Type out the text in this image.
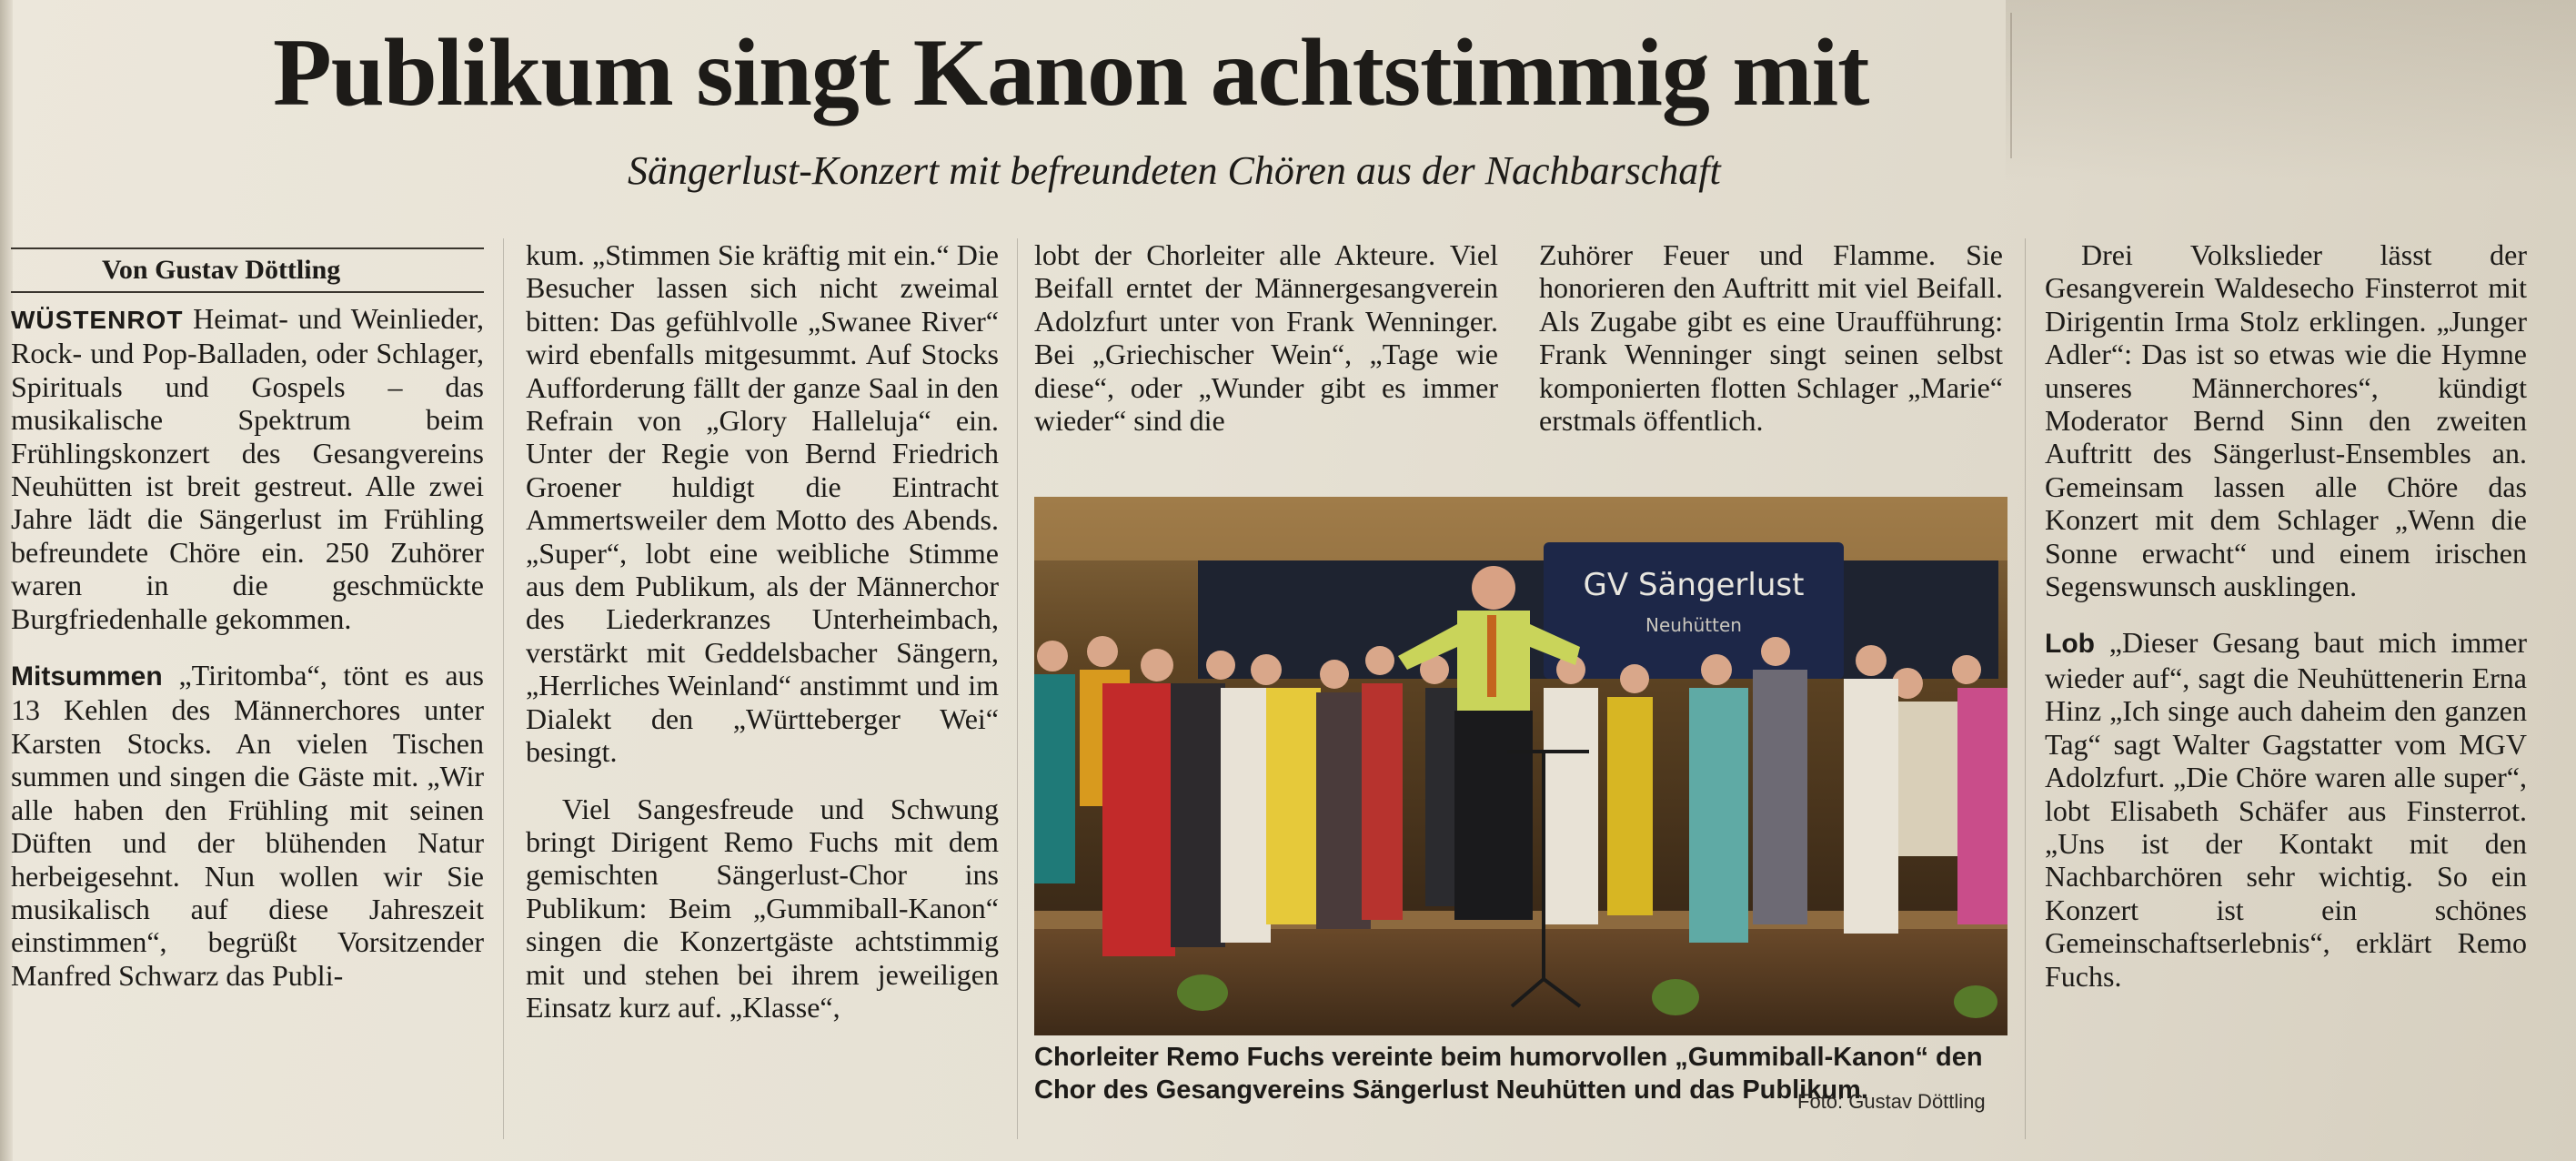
Publikum singt Kanon achtstimmig mit
Sängerlust-Konzert mit befreundeten Chören aus der Nachbarschaft
Von Gustav Döttling

WÜSTENROT Heimat- und Weinlieder, Rock- und Pop-Balladen, oder Schlager, Spirituals und Gospels – das musikalische Spektrum beim Frühlingskonzert des Gesangvereins Neuhütten ist breit gestreut. Alle zwei Jahre lädt die Sängerlust im Frühling befreundete Chöre ein. 250 Zuhörer waren in die geschmückte Burgfriedenhalle gekommen.

Mitsummen „Tiritomba“, tönt es aus 13 Kehlen des Männerchores unter Karsten Stocks. An vielen Tischen summen und singen die Gäste mit. „Wir alle haben den Frühling mit seinen Düften und der blühenden Natur herbeigesehnt. Nun wollen wir Sie musikalisch auf diese Jahreszeit einstimmen“, begrüßt Vorsitzender Manfred Schwarz das Publi-

kum. „Stimmen Sie kräftig mit ein.“ Die Besucher lassen sich nicht zweimal bitten: Das gefühlvolle „Swanee River“ wird ebenfalls mitgesummt. Auf Stocks Aufforderung fällt der ganze Saal in den Refrain von „Glory Halleluja“ ein. Unter der Regie von Bernd Friedrich Groener huldigt die Eintracht Ammertsweiler dem Motto des Abends. „Super“, lobt eine weibliche Stimme aus dem Publikum, als der Männerchor des Liederkranzes Unterheimbach, verstärkt mit Geddelsbacher Sängern, „Herrliches Weinland“ anstimmt und im Dialekt den „Württeberger Wei“ besingt.

Viel Sangesfreude und Schwung bringt Dirigent Remo Fuchs mit dem gemischten Sängerlust-Chor ins Publikum: Beim „Gummiball-Kanon“ singen die Konzertgäste achtstimmig mit und stehen bei ihrem jeweiligen Einsatz kurz auf. „Klasse“,

lobt der Chorleiter alle Akteure. Viel Beifall erntet der Männergesangverein Adolzfurt unter von Frank Wenninger. Bei „Griechischer Wein“, „Tage wie diese“, oder „Wunder gibt es immer wieder“ sind die

Zuhörer Feuer und Flamme. Sie honorieren den Auftritt mit viel Beifall. Als Zugabe gibt es eine Uraufführung: Frank Wenninger singt seinen selbst komponierten flotten Schlager „Marie“ erstmals öffentlich.

Drei Volkslieder lässt der Gesangverein Waldesecho Finsterrot mit Dirigentin Irma Stolz erklingen. „Junger Adler“: Das ist so etwas wie die Hymne unseres Männerchores“, kündigt Moderator Bernd Sinn den zweiten Auftritt des Sängerlust-Ensembles an. Gemeinsam lassen alle Chöre das Konzert mit dem Schlager „Wenn die Sonne erwacht“ und einem irischen Segenswunsch ausklingen.

Lob „Dieser Gesang baut mich immer wieder auf“, sagt die Neuhüttenerin Erna Hinz „Ich singe auch daheim den ganzen Tag“ sagt Walter Gagstatter vom MGV Adolzfurt. „Die Chöre waren alle super“, lobt Elisabeth Schäfer aus Finsterrot. „Uns ist der Kontakt mit den Nachbarchören sehr wichtig. So ein Konzert ist ein schönes Gemeinschaftserlebnis“, erklärt Remo Fuchs.

GV Sängerlust
Neuhütten
Chorleiter Remo Fuchs vereinte beim humorvollen „Gummiball-Kanon“ den Chor des Gesangvereins Sängerlust Neuhütten und das Publikum.
Foto: Gustav Döttling
